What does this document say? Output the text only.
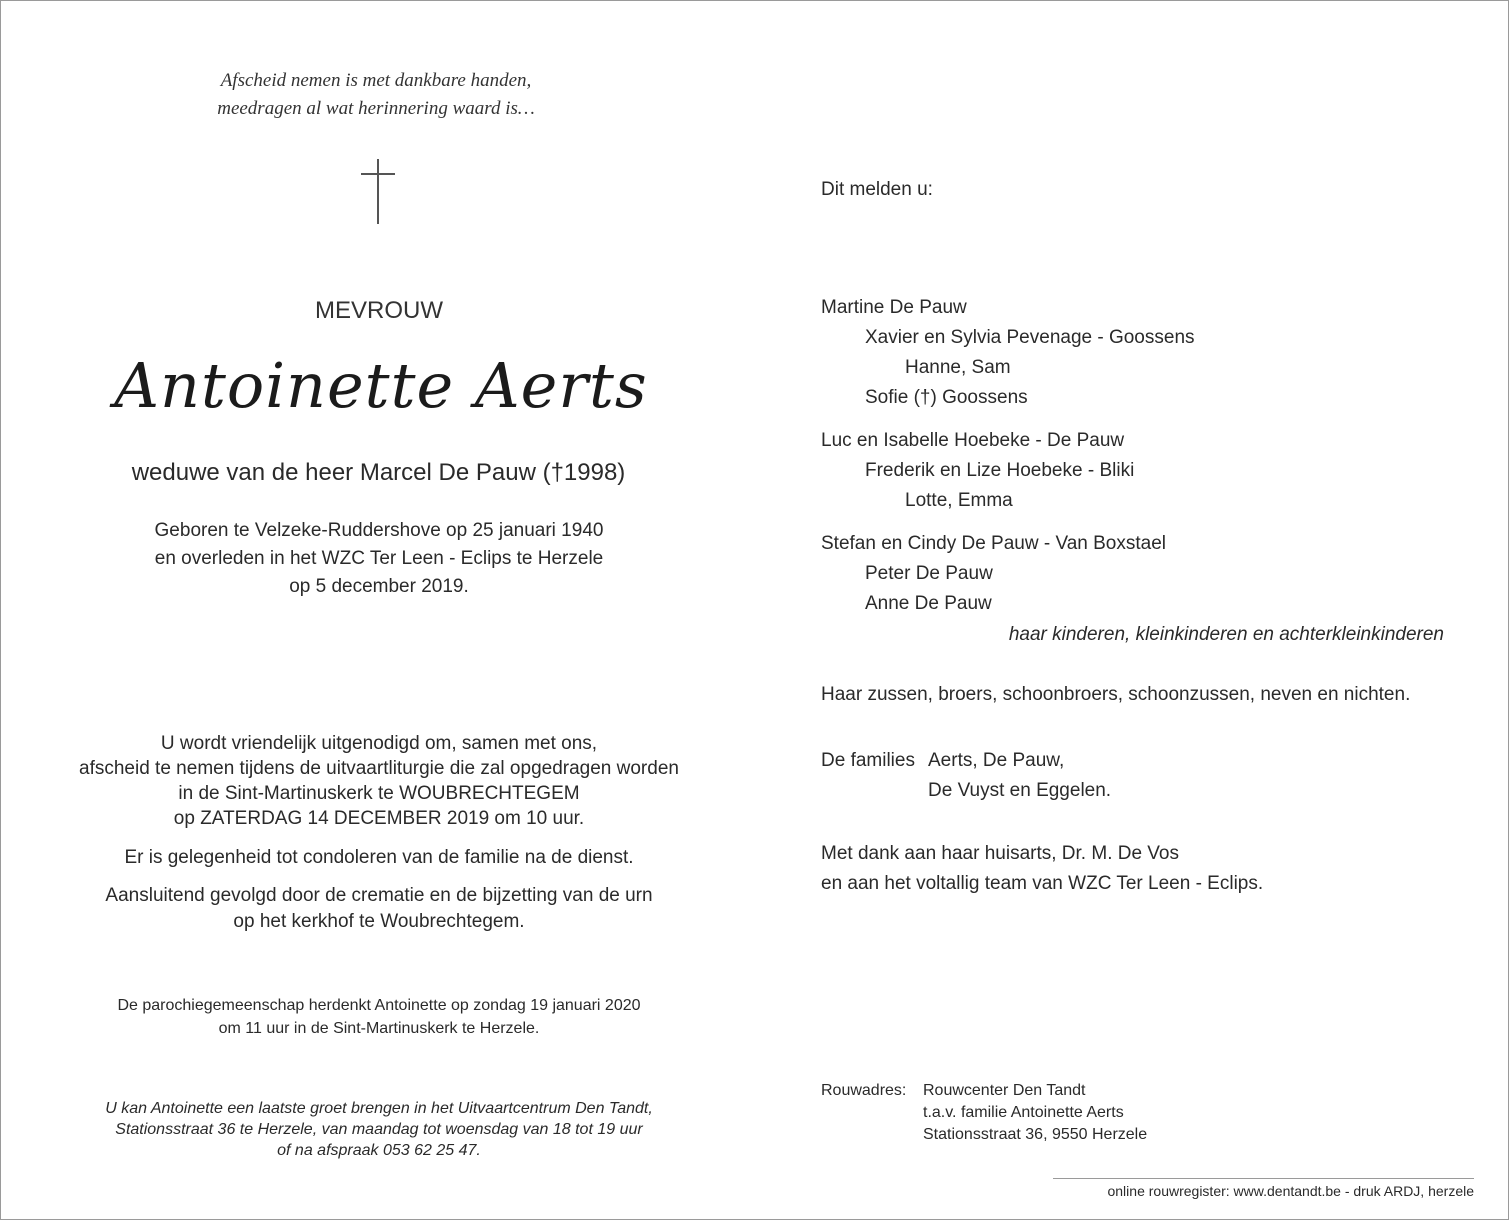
Afscheid nemen is met dankbare handen,
meedragen al wat herinnering waard is…
MEVROUW
Antoinette Aerts
weduwe van de heer Marcel De Pauw (†1998)
Geboren te Velzeke-Ruddershove op 25 januari 1940
en overleden in het WZC Ter Leen - Eclips te Herzele
op 5 december 2019.
U wordt vriendelijk uitgenodigd om, samen met ons,
afscheid te nemen tijdens de uitvaartliturgie die zal opgedragen worden
in de Sint-Martinuskerk te WOUBRECHTEGEM
op ZATERDAG 14 DECEMBER 2019 om 10 uur.
Er is gelegenheid tot condoleren van de familie na de dienst.
Aansluitend gevolgd door de crematie en de bijzetting van de urn
op het kerkhof te Woubrechtegem.
De parochiegemeenschap herdenkt Antoinette op zondag 19 januari 2020
om 11 uur in de Sint-Martinuskerk te Herzele.
U kan Antoinette een laatste groet brengen in het Uitvaartcentrum Den Tandt,
Stationsstraat 36 te Herzele, van maandag tot woensdag van 18 tot 19 uur
of na afspraak 053 62 25 47.
Dit melden u:
Martine De Pauw
Xavier en Sylvia Pevenage - Goossens
Hanne, Sam
Sofie (†) Goossens
Luc en Isabelle Hoebeke - De Pauw
Frederik en Lize Hoebeke - Bliki
Lotte, Emma
Stefan en Cindy De Pauw - Van Boxstael
Peter De Pauw
Anne De Pauw
haar kinderen, kleinkinderen en achterkleinkinderen
Haar zussen, broers, schoonbroers, schoonzussen, neven en nichten.
De families Aerts, De Pauw,
De Vuyst en Eggelen.
Met dank aan haar huisarts, Dr. M. De Vos
en aan het voltallig team van WZC Ter Leen - Eclips.
Rouwadres: Rouwcenter Den Tandt
t.a.v. familie Antoinette Aerts
Stationsstraat 36, 9550 Herzele
online rouwregister: www.dentandt.be - druk ARDJ, herzele
